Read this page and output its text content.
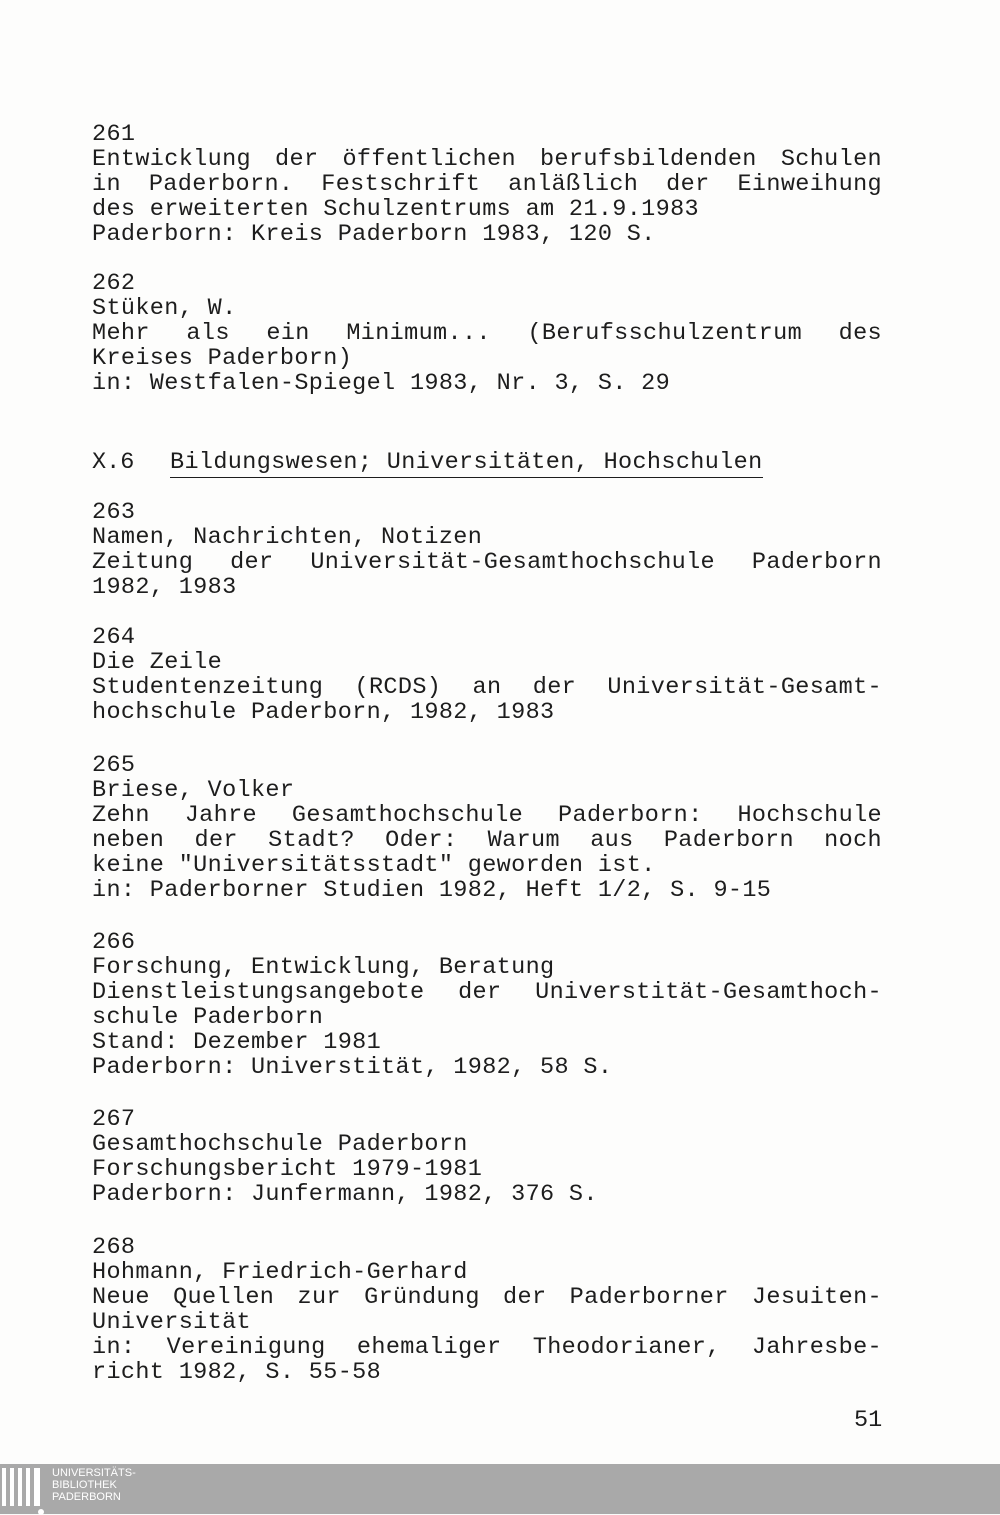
261
Entwicklung der öffentlichen berufsbildenden Schulen
in Paderborn. Festschrift anläßlich der Einweihung
des erweiterten Schulzentrums am 21.9.1983
Paderborn: Kreis Paderborn 1983, 120 S.
262
Stüken, W.
Mehr als ein Minimum... (Berufsschulzentrum des
Kreises Paderborn)
in: Westfalen-Spiegel 1983, Nr. 3, S. 29
X.6 Bildungswesen; Universitäten, Hochschulen
263
Namen, Nachrichten, Notizen
Zeitung der Universität-Gesamthochschule Paderborn
1982, 1983
264
Die Zeile
Studentenzeitung (RCDS) an der Universität-Gesamt-
hochschule Paderborn, 1982, 1983
265
Briese, Volker
Zehn Jahre Gesamthochschule Paderborn: Hochschule
neben der Stadt? Oder: Warum aus Paderborn noch
keine "Universitätsstadt" geworden ist.
in: Paderborner Studien 1982, Heft 1/2, S. 9-15
266
Forschung, Entwicklung, Beratung
Dienstleistungsangebote der Universtität-Gesamthoch-
schule Paderborn
Stand: Dezember 1981
Paderborn: Universtität, 1982, 58 S.
267
Gesamthochschule Paderborn
Forschungsbericht 1979-1981
Paderborn: Junfermann, 1982, 376 S.
268
Hohmann, Friedrich-Gerhard
Neue Quellen zur Gründung der Paderborner Jesuiten-
Universität
in: Vereinigung ehemaliger Theodorianer, Jahresbe-
richt 1982, S. 55-58
51
UNIVERSITÄTS-
BIBLIOTHEK
PADERBORN
